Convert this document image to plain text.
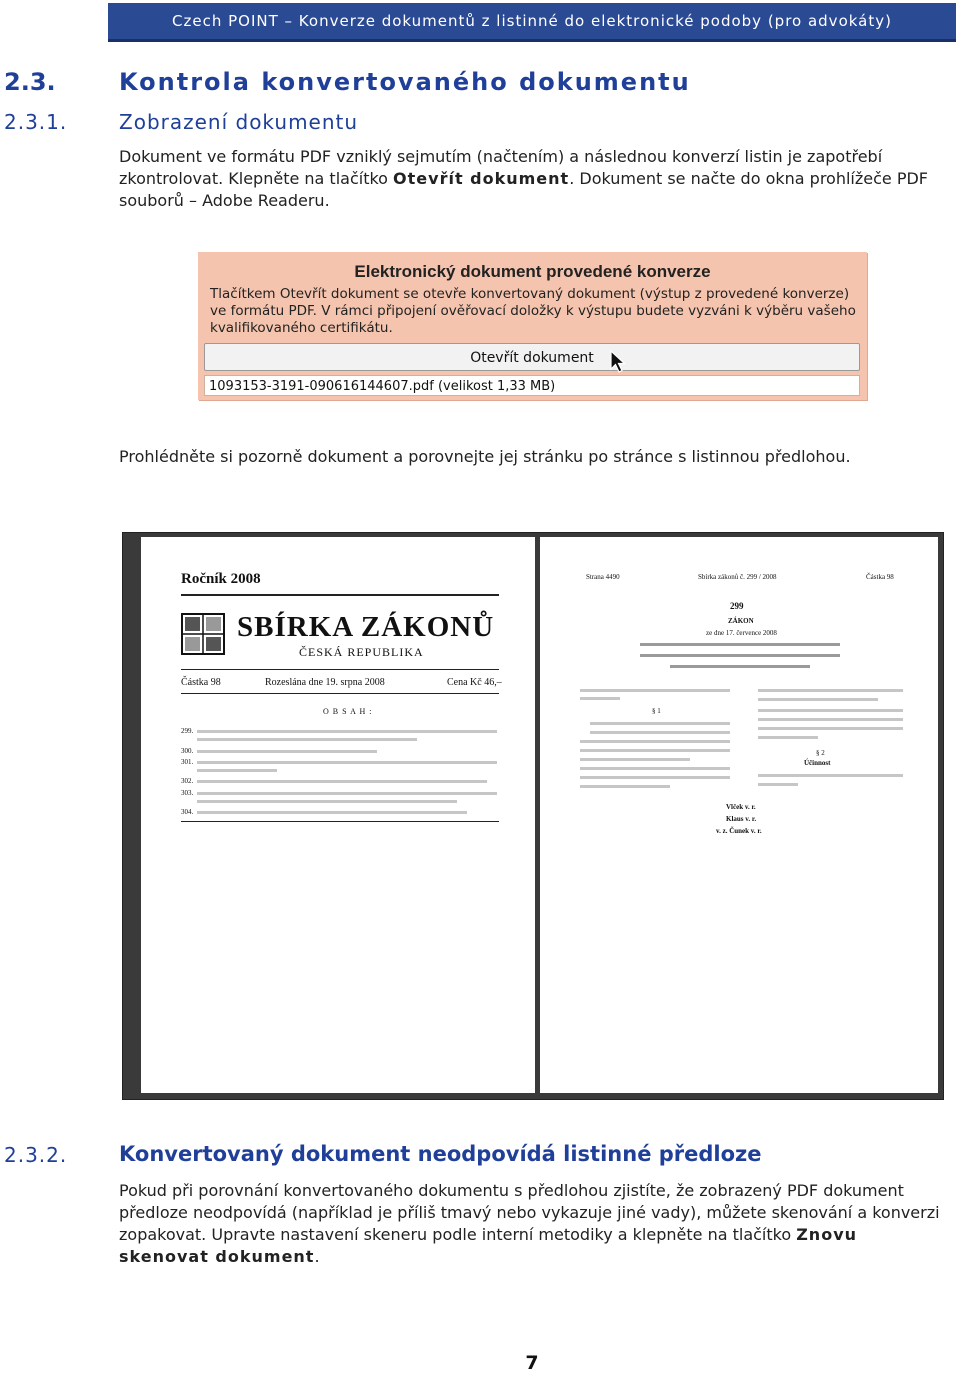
Czech POINT – Konverze dokumentů z listinné do elektronické podoby (pro advokáty)
2.3.	Kontrola konvertovaného dokumentu
2.3.1.	Zobrazení dokumentu
Dokument ve formátu PDF vzniklý sejmutím (načtením) a následnou konverzí listin je zapotřebí zkontrolovat. Klepněte na tlačítko Otevřít dokument. Dokument se načte do okna prohlížeče PDF souborů – Adobe Readeru.
Elektronický dokument provedené konverze
Tlačítkem Otevřít dokument se otevře konvertovaný dokument (výstup z provedené konverze) ve formátu PDF. V rámci připojení ověřovací doložky k výstupu budete vyzváni k výběru vašeho kvalifikovaného certifikátu.
Otevřít dokument
1093153-3191-090616144607.pdf (velikost 1,33 MB)
Prohlédněte si pozorně dokument a porovnejte jej stránku po stránce s listinnou předlohou.
Ročník 2008
SBÍRKA ZÁKONŮ
ČESKÁ REPUBLIKA
Částka 98	Rozeslána dne 19. srpna 2008	Cena Kč 46,–
O B S A H :
299.
300.
301.
302.
303.
304.
Strana 4490	Sbírka zákonů č. 299 / 2008	Částka 98
299
ZÁKON
ze dne 17. července 2008
§ 1
§ 2
Účinnost
Vlček v. r.
Klaus v. r.
v. z. Čunek v. r.
2.3.2. Konvertovaný dokument neodpovídá listinné předloze
Pokud při porovnání konvertovaného dokumentu s předlohou zjistíte, že zobrazený PDF dokument předloze neodpovídá (například je příliš tmavý nebo vykazuje jiné vady), můžete skenování a konverzi zopakovat. Upravte nastavení skeneru podle interní metodiky a klepněte na tlačítko Znovu skenovat dokument.
7
